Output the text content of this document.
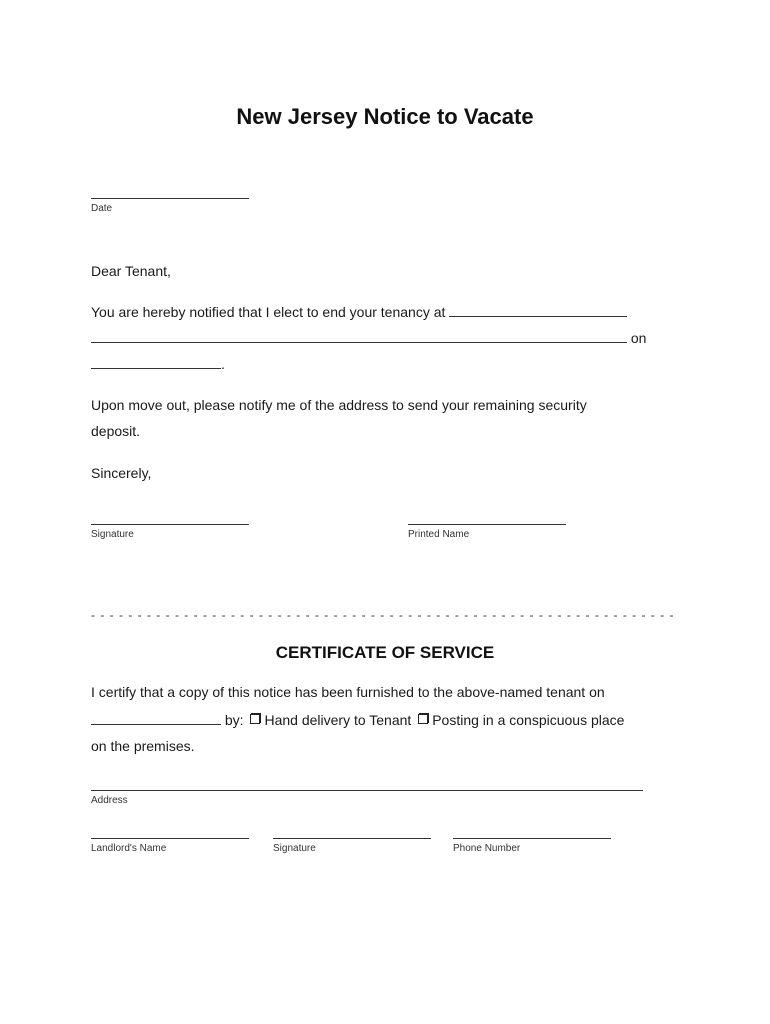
New Jersey Notice to Vacate
Date
Dear Tenant,
You are hereby notified that I elect to end your tenancy at
on
.
Upon move out, please notify me of the address to send your remaining security
deposit.
Sincerely,
Signature	Printed Name
- - - - - - - - - - - - - - - - - - - - - - - - - - - - - - - - - - - - - - - - - - - - - - - - - - - - - - - - - - - - - - -
CERTIFICATE OF SERVICE
I certify that a copy of this notice has been furnished to the above-named tenant on
by: Hand delivery to Tenant Posting in a conspicuous place
on the premises.
Address
Landlord's Name	Signature	Phone Number
